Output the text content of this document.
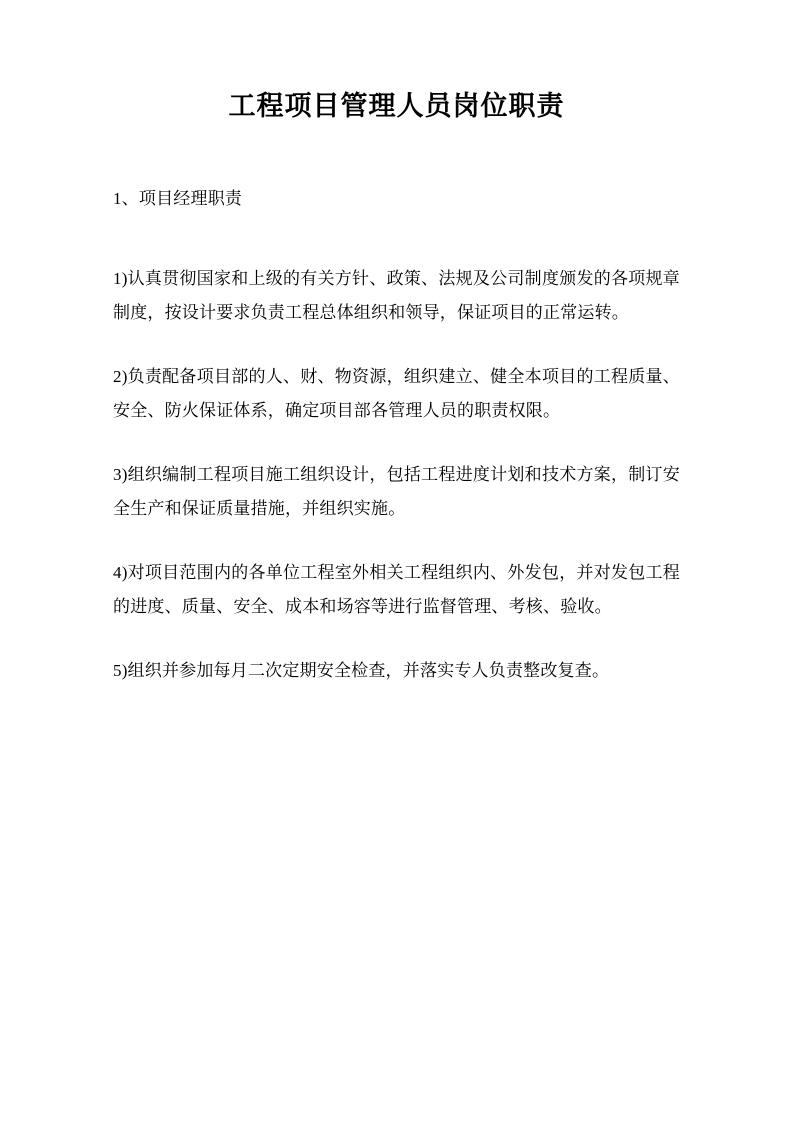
工程项目管理人员岗位职责

1、项目经理职责

1)认真贯彻国家和上级的有关方针、政策、法规及公司制度颁发的各项规章制度，按设计要求负责工程总体组织和领导，保证项目的正常运转。

2)负责配备项目部的人、财、物资源，组织建立、健全本项目的工程质量、安全、防火保证体系，确定项目部各管理人员的职责权限。

3)组织编制工程项目施工组织设计，包括工程进度计划和技术方案，制订安全生产和保证质量措施，并组织实施。

4)对项目范围内的各单位工程室外相关工程组织内、外发包，并对发包工程的进度、质量、安全、成本和场容等进行监督管理、考核、验收。

5)组织并参加每月二次定期安全检查，并落实专人负责整改复查。
